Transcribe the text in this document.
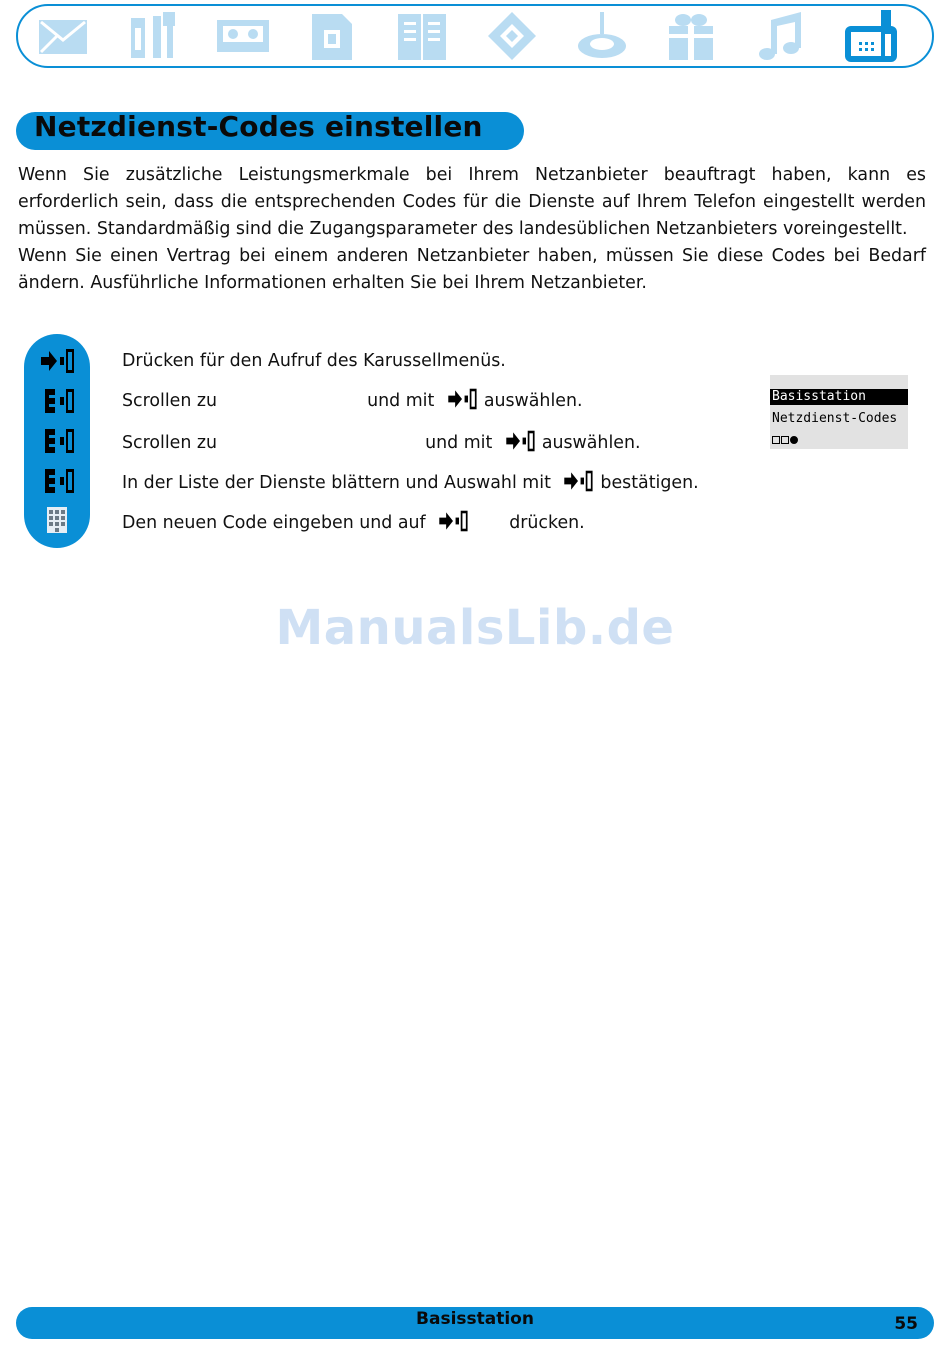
Netzdienst-Codes einstellen

Wenn Sie zusätzliche Leistungsmerkmale bei Ihrem Netzanbieter beauftragt haben, kann es erforderlich sein, dass die entsprechenden Codes für die Dienste auf Ihrem Telefon eingestellt werden müssen. Standardmäßig sind die Zugangsparameter des landesüblichen Netzanbieters voreingestellt.

Wenn Sie einen Vertrag bei einem anderen Netzanbieter haben, müssen Sie diese Codes bei Bedarf ändern. Ausführliche Informationen erhalten Sie bei Ihrem Netzanbieter.

Drücken für den Aufruf des Karussellmenüs.
Scrollen zu	und mit	auswählen.
Scrollen zu	und mit	auswählen.
In der Liste der Dienste blättern und Auswahl mit	bestätigen.
Den neuen Code eingeben und auf	drücken.
Basisstation
Netzdienst-Codes
ManualsLib.de
Basisstation	55
